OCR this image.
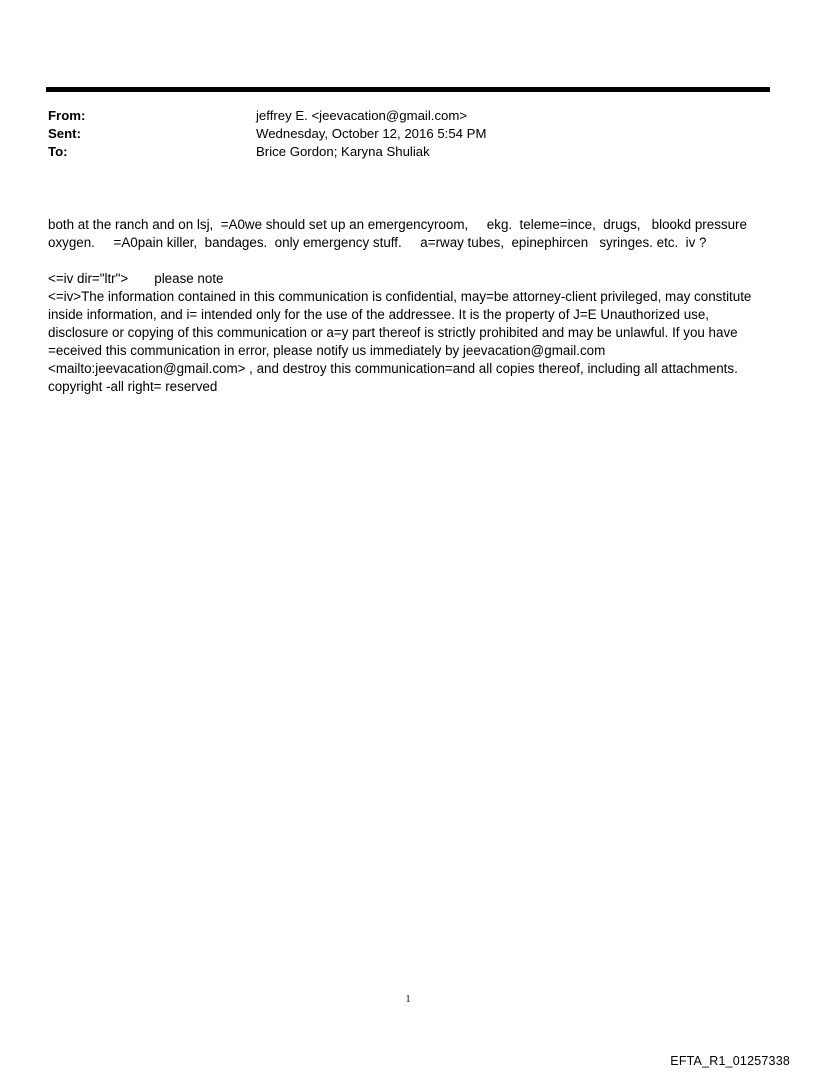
From:	jeffrey E. <jeevacation@gmail.com>
Sent:	Wednesday, October 12, 2016 5:54 PM
To:	Brice Gordon; Karyna Shuliak
both at the ranch and on lsj,  =A0we should set up an emergencyroom,     ekg.  teleme=ince,  drugs,   blookd pressure
oxygen.     =A0pain killer,  bandages.  only emergency stuff.     a=rway tubes,  epinephircen   syringes. etc.  iv ?
<=iv dir="ltr">       please note
<=iv>The information contained in this communication is confidential, may=be attorney-client privileged, may constitute
inside information, and i= intended only for the use of the addressee. It is the property of J=E Unauthorized use,
disclosure or copying of this communication or a=y part thereof is strictly prohibited and may be unlawful. If you have
=eceived this communication in error, please notify us immediately by jeevacation@gmail.com
<mailto:jeevacation@gmail.com> , and destroy this communication=and all copies thereof, including all attachments.
copyright -all right= reserved
1
EFTA_R1_01257338
